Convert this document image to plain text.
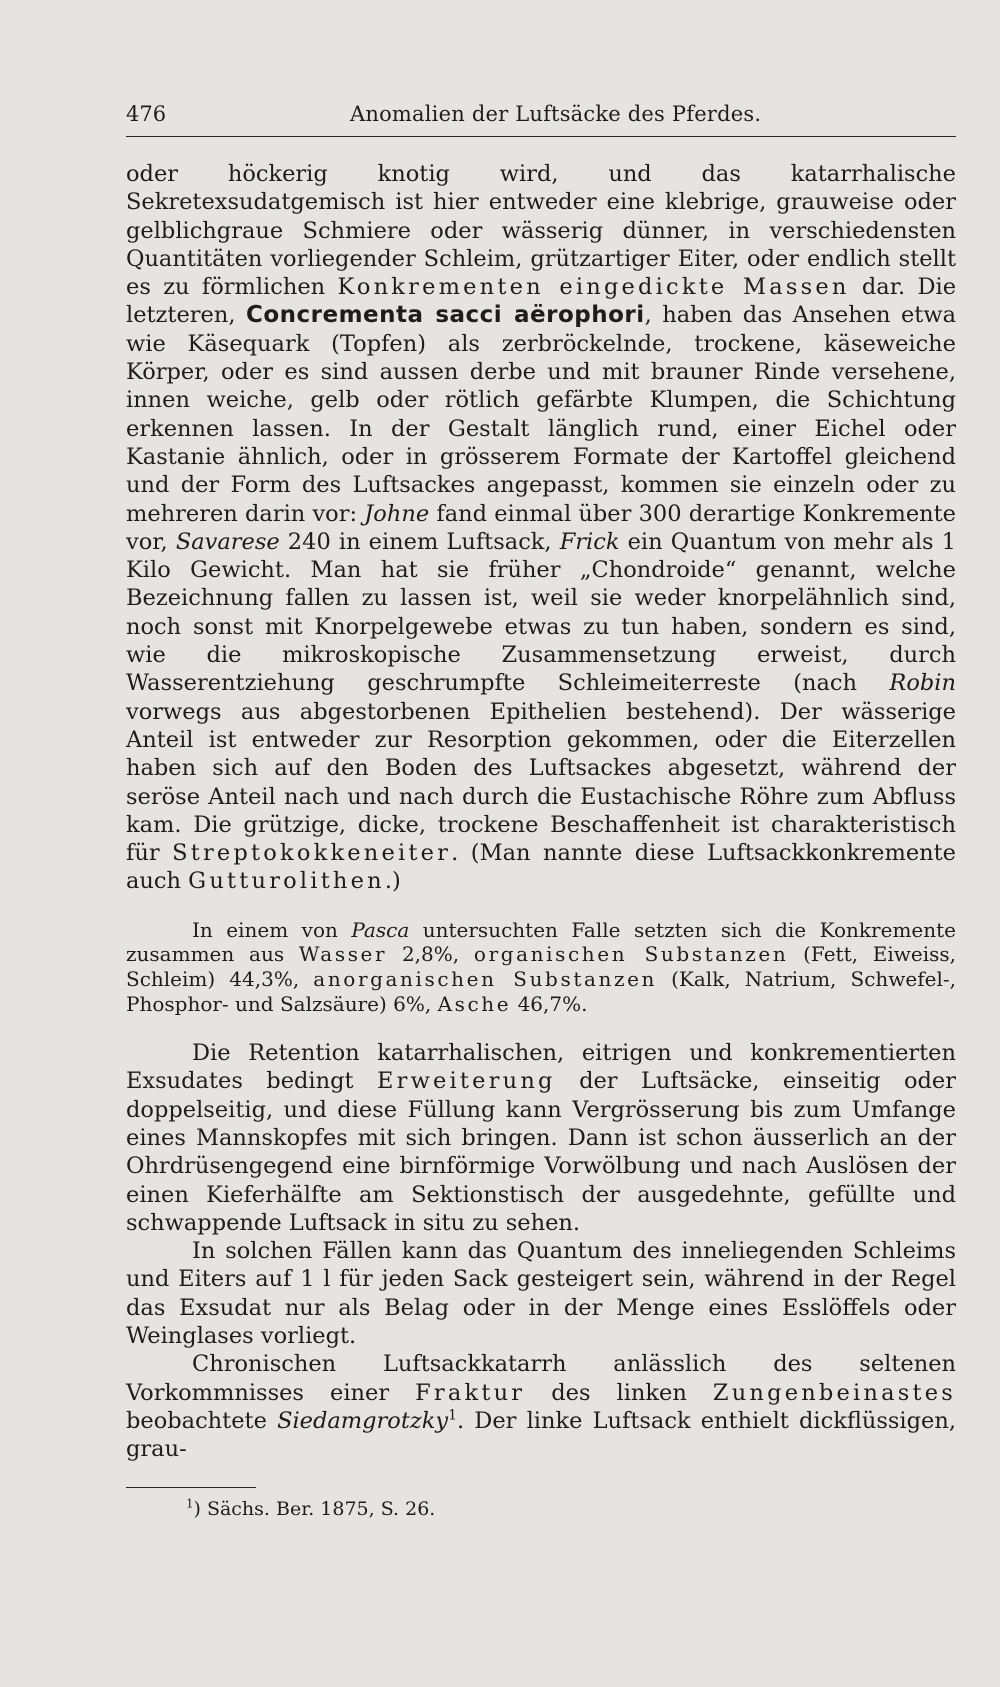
476	Anomalien der Luftsäcke des Pferdes.

oder höckerig knotig wird, und das katarrhalische Sekretexsudatgemisch ist hier entweder eine klebrige, grauweise oder gelblichgraue Schmiere oder wässerig dünner, in verschiedensten Quantitäten vorliegender Schleim, grützartiger Eiter, oder endlich stellt es zu förmlichen Konkrementen eingedickte Massen dar. Die letzteren, Concrementa sacci aërophori, haben das Ansehen etwa wie Käsequark (Topfen) als zerbröckelnde, trockene, käseweiche Körper, oder es sind aussen derbe und mit brauner Rinde versehene, innen weiche, gelb oder rötlich gefärbte Klumpen, die Schichtung erkennen lassen. In der Gestalt länglich rund, einer Eichel oder Kastanie ähnlich, oder in grösserem Formate der Kartoffel gleichend und der Form des Luftsackes angepasst, kommen sie einzeln oder zu mehreren darin vor: Johne fand einmal über 300 derartige Konkremente vor, Savarese 240 in einem Luftsack, Frick ein Quantum von mehr als 1 Kilo Gewicht. Man hat sie früher „Chondroide“ genannt, welche Bezeichnung fallen zu lassen ist, weil sie weder knorpelähnlich sind, noch sonst mit Knorpelgewebe etwas zu tun haben, sondern es sind, wie die mikroskopische Zusammensetzung erweist, durch Wasserentziehung geschrumpfte Schleimeiterreste (nach Robin vorwegs aus abgestorbenen Epithelien bestehend). Der wässerige Anteil ist entweder zur Resorption gekommen, oder die Eiterzellen haben sich auf den Boden des Luftsackes abgesetzt, während der seröse Anteil nach und nach durch die Eustachische Röhre zum Abfluss kam. Die grützige, dicke, trockene Beschaffenheit ist charakteristisch für Streptokokkeneiter. (Man nannte diese Luftsackkonkremente auch Gutturolithen.)

In einem von Pasca untersuchten Falle setzten sich die Konkremente zusammen aus Wasser 2,8%, organischen Substanzen (Fett, Eiweiss, Schleim) 44,3%, anorganischen Substanzen (Kalk, Natrium, Schwefel-, Phosphor- und Salzsäure) 6%, Asche 46,7%.

Die Retention katarrhalischen, eitrigen und konkrementierten Exsudates bedingt Erweiterung der Luftsäcke, einseitig oder doppelseitig, und diese Füllung kann Vergrösserung bis zum Umfange eines Mannskopfes mit sich bringen. Dann ist schon äusserlich an der Ohrdrüsengegend eine birnförmige Vorwölbung und nach Auslösen der einen Kieferhälfte am Sektionstisch der ausgedehnte, gefüllte und schwappende Luftsack in situ zu sehen.

In solchen Fällen kann das Quantum des inneliegenden Schleims und Eiters auf 1 l für jeden Sack gesteigert sein, während in der Regel das Exsudat nur als Belag oder in der Menge eines Esslöffels oder Weinglases vorliegt.

Chronischen Luftsackkatarrh anlässlich des seltenen Vorkommnisses einer Fraktur des linken Zungenbeinastes beobachtete Siedamgrotzky$^1$. Der linke Luftsack enthielt dickflüssigen, grau-

$^1$) Sächs. Ber. 1875, S. 26.
